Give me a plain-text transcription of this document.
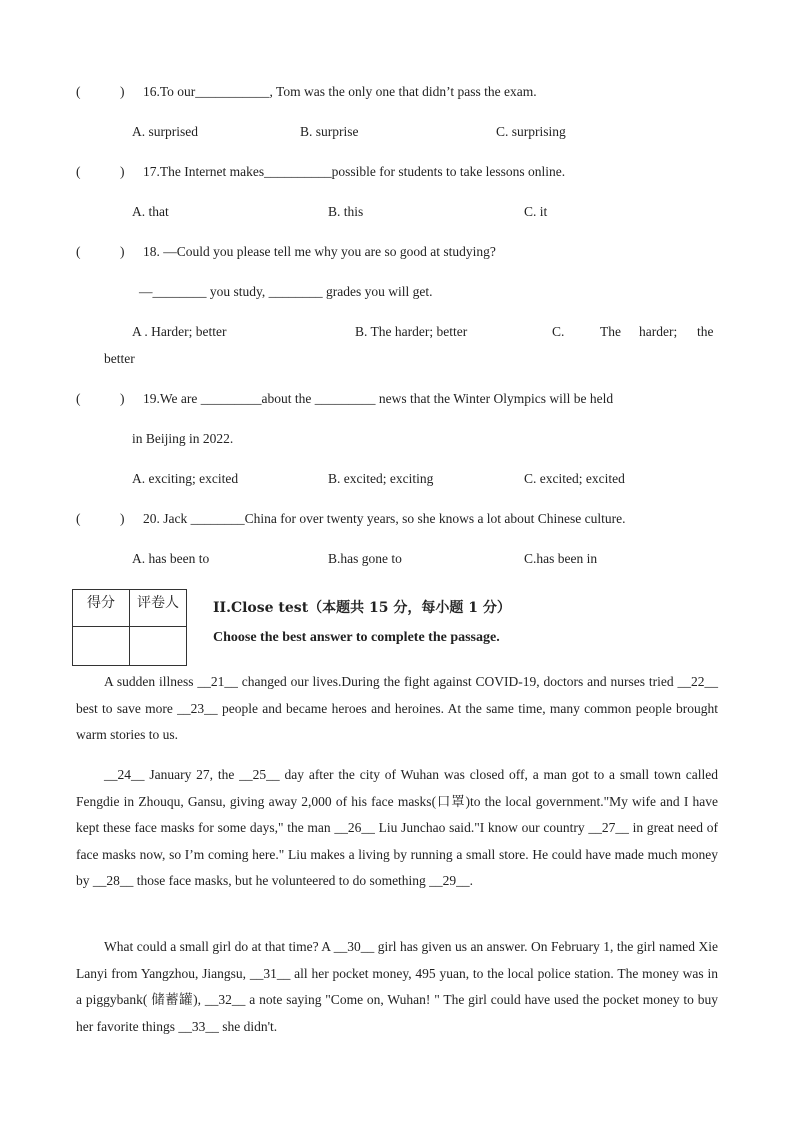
(	) 16.To our___________, Tom was the only one that didn’t pass the exam.
A. surprised	B. surprise	C. surprising
(	) 17.The Internet makes__________possible for students to take lessons online.
A. that	B. this	C. it
(	) 18. —Could you please tell me why you are so good at studying?
—________ you study, ________ grades you will get.
A . Harder; better	B. The harder; better	C.	The harder; the
better
(	) 19.We are _________about the _________ news that the Winter Olympics will be held
in Beijing in 2022.
A. exciting; excited	B. excited; exciting	C. excited; excited
(	) 20. Jack ________China for over twenty years, so she knows a lot about Chinese culture.
A. has been to	B.has gone to	C.has been in
得分	评卷人
	II.Close test（本题共 15 分，每小题 1 分）
Choose the best answer to complete the passage.
A sudden illness __21__ changed our lives.During the fight against COVID-19, doctors and nurses tried __22__ best to save more __23__ people and became heroes and heroines. At the same time, many common people brought warm stories to us.
__24__ January 27, the __25__ day after the city of Wuhan was closed off, a man got to a small town called Fengdie in Zhouqu, Gansu, giving away 2,000 of his face masks(口罩)to the local government."My wife and I have kept these face masks for some days," the man __26__ Liu Junchao said."I know our country __27__ in great need of face masks now, so I’m coming here." Liu makes a living by running a small store. He could have made much money by __28__ those face masks, but he volunteered to do something __29__.
What could a small girl do at that time? A __30__ girl has given us an answer. On February 1, the girl named Xie Lanyi from Yangzhou, Jiangsu, __31__ all her pocket money, 495 yuan, to the local police station. The money was in a piggybank( 储蓄罐), __32__ a note saying "Come on, Wuhan! " The girl could have used the pocket money to buy her favorite things __33__ she didn't.
